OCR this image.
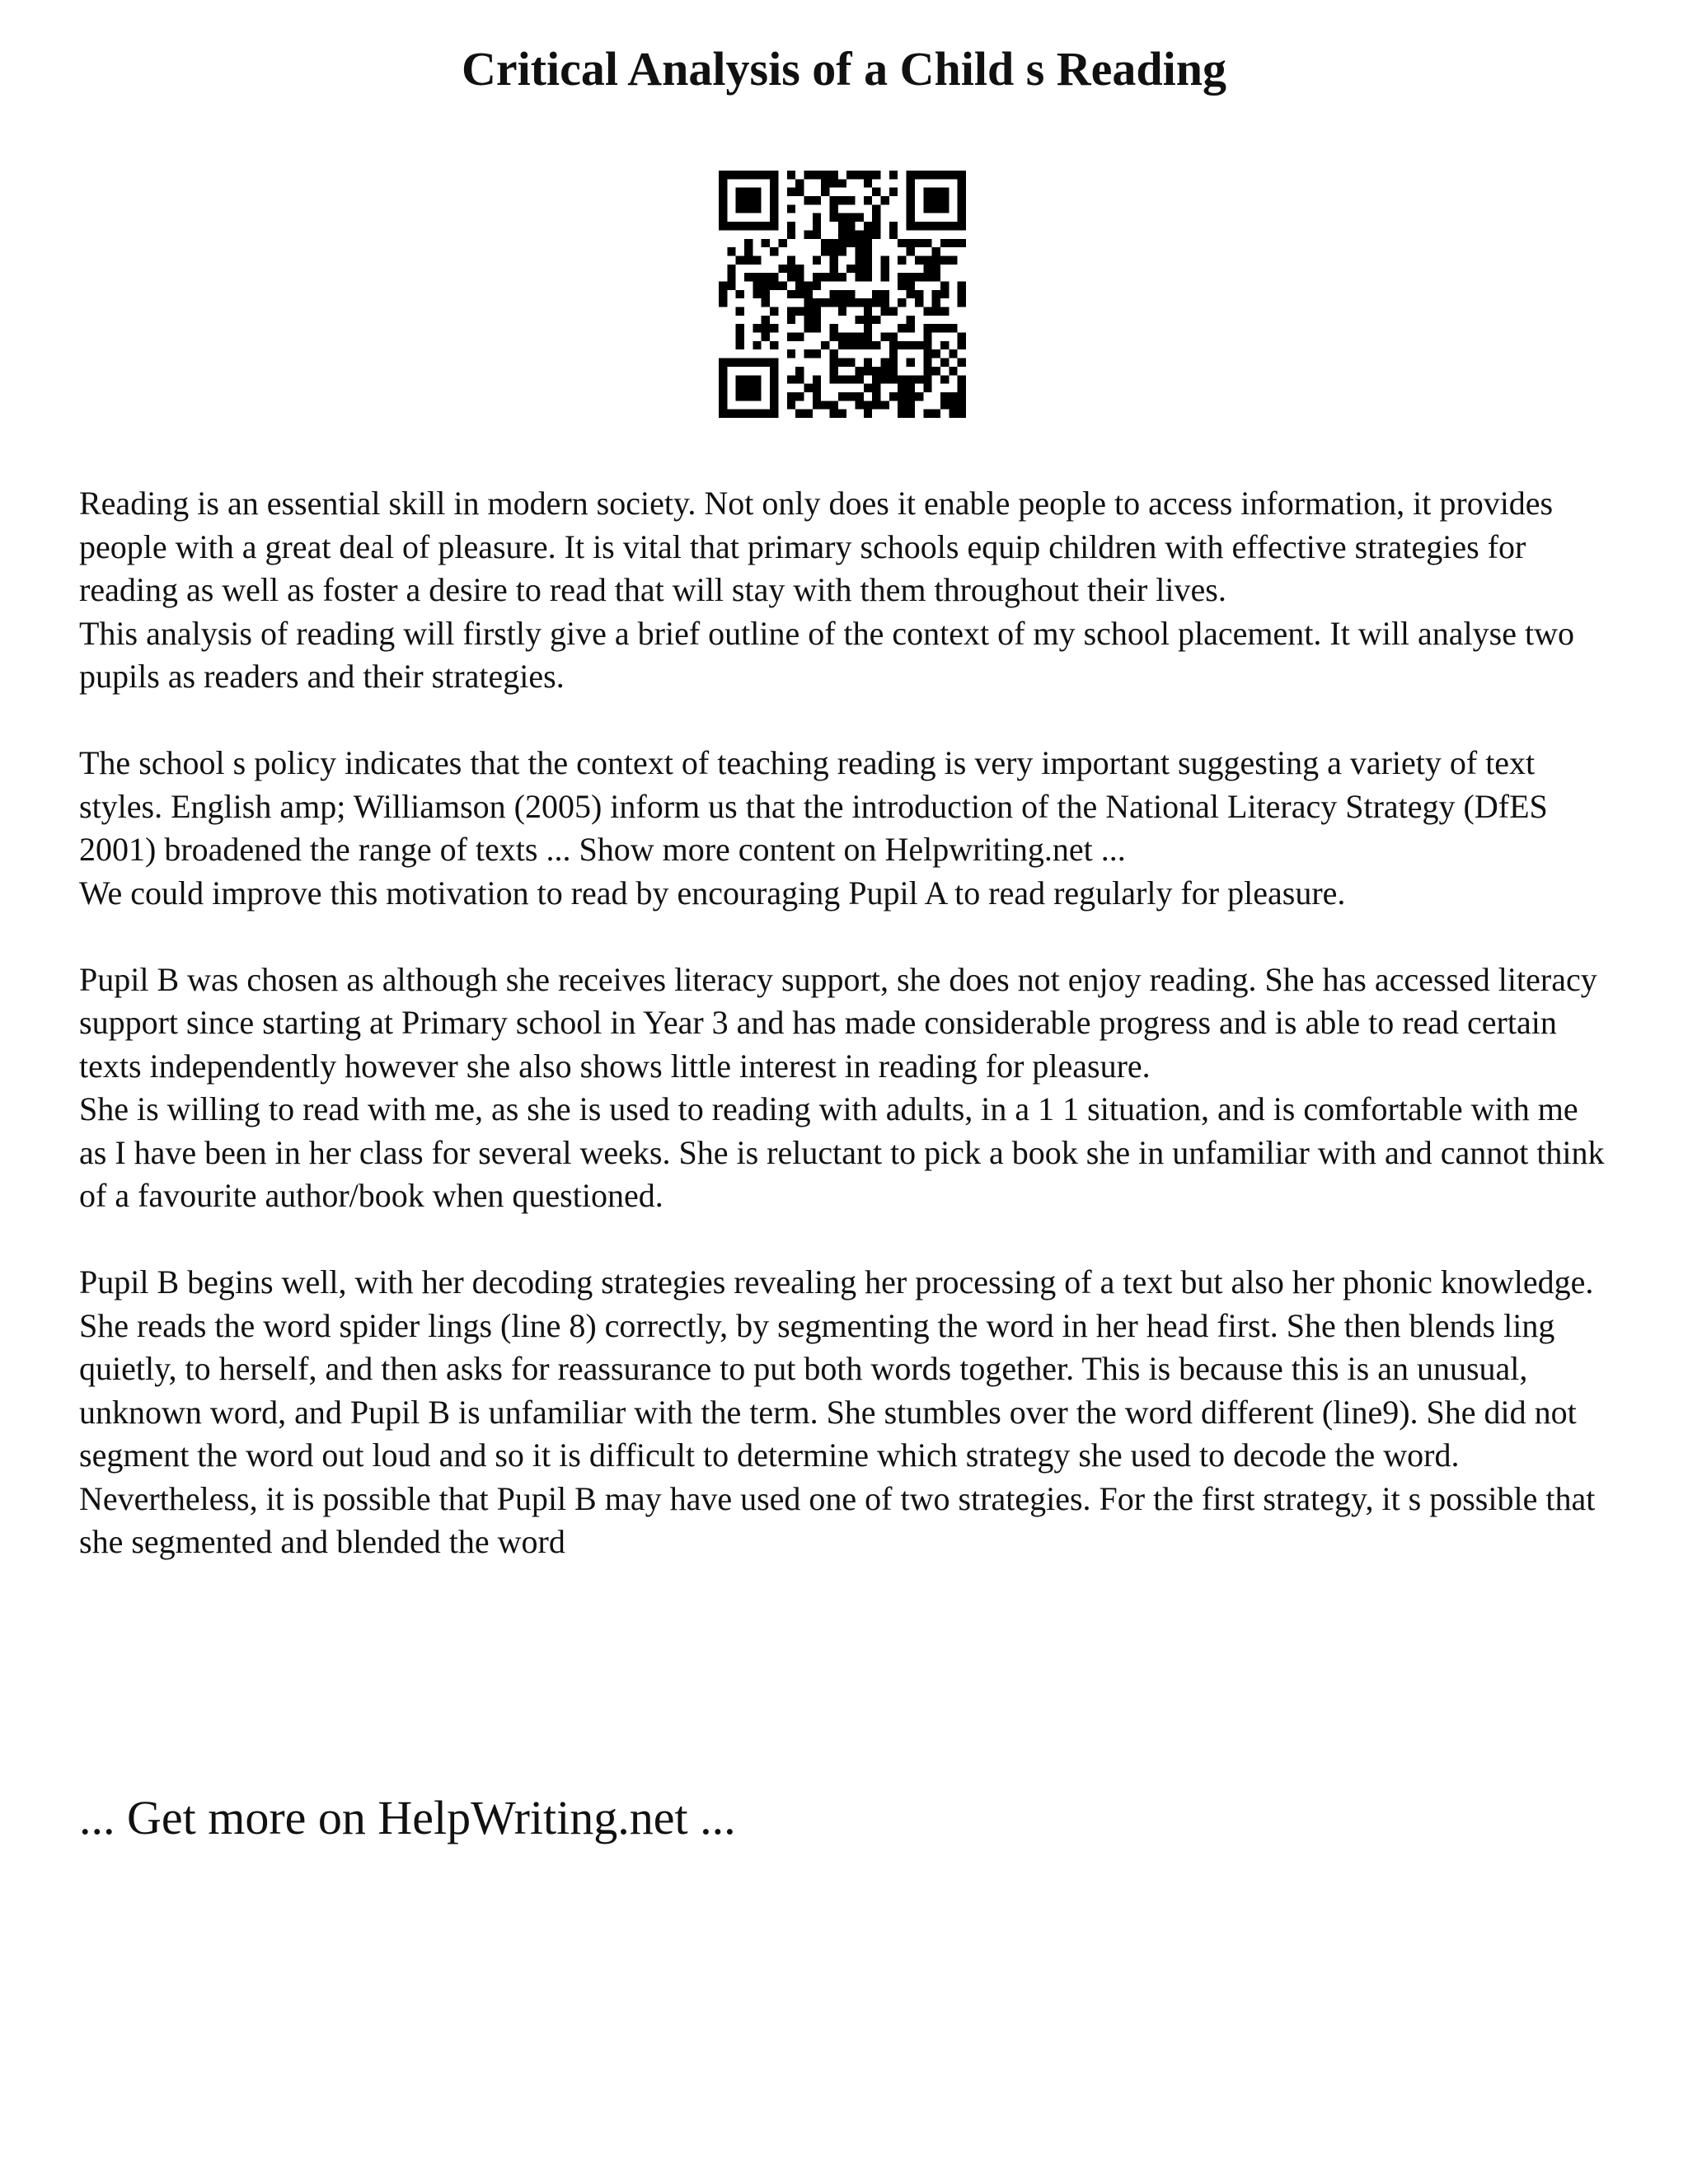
Critical Analysis of a Child s Reading

Reading is an essential skill in modern society. Not only does it enable people to access information, it provides people with a great deal of pleasure. It is vital that primary schools equip children with effective strategies for reading as well as foster a desire to read that will stay with them throughout their lives.

This analysis of reading will firstly give a brief outline of the context of my school placement. It will analyse two pupils as readers and their strategies.

The school s policy indicates that the context of teaching reading is very important suggesting a variety of text styles. English amp; Williamson (2005) inform us that the introduction of the National Literacy Strategy (DfES 2001) broadened the range of texts ... Show more content on Helpwriting.net ...

We could improve this motivation to read by encouraging Pupil A to read regularly for pleasure.

Pupil B was chosen as although she receives literacy support, she does not enjoy reading. She has accessed literacy support since starting at Primary school in Year 3 and has made considerable progress and is able to read certain texts independently however she also shows little interest in reading for pleasure.

She is willing to read with me, as she is used to reading with adults, in a 1 1 situation, and is comfortable with me as I have been in her class for several weeks. She is reluctant to pick a book she in unfamiliar with and cannot think of a favourite author/book when questioned.

Pupil B begins well, with her decoding strategies revealing her processing of a text but also her phonic knowledge. She reads the word spider lings (line 8) correctly, by segmenting the word in her head first. She then blends ling quietly, to herself, and then asks for reassurance to put both words together. This is because this is an unusual, unknown word, and Pupil B is unfamiliar with the term. She stumbles over the word different (line9). She did not segment the word out loud and so it is difficult to determine which strategy she used to decode the word. Nevertheless, it is possible that Pupil B may have used one of two strategies. For the first strategy, it s possible that she segmented and blended the word

... Get more on HelpWriting.net ...
